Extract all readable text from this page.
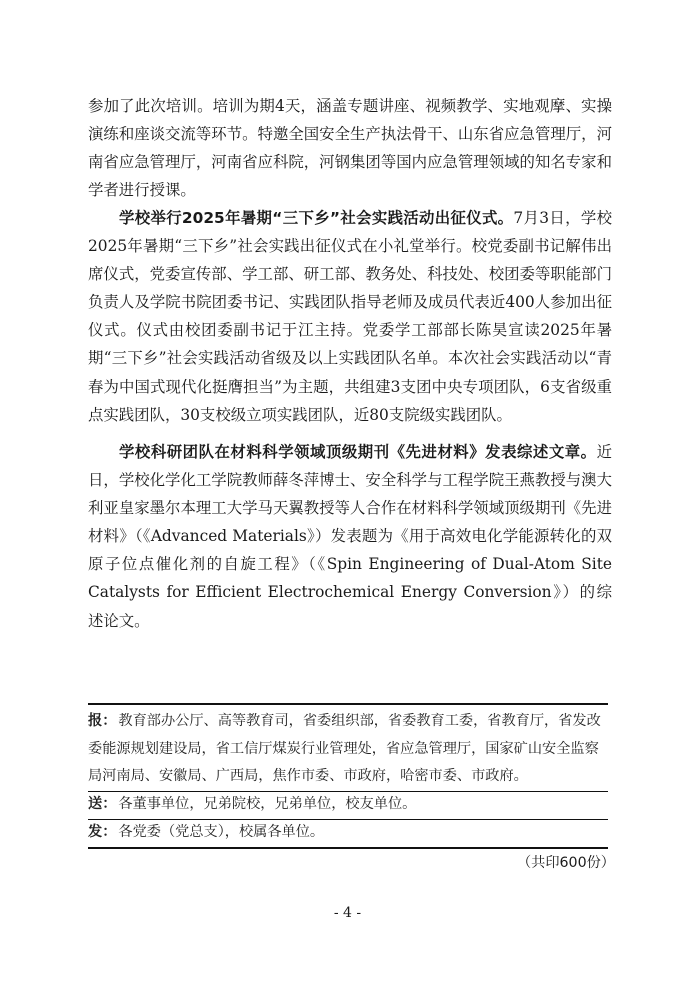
参加了此次培训。培训为期4天，涵盖专题讲座、视频教学、实地观摩、实操演练和座谈交流等环节。特邀全国安全生产执法骨干、山东省应急管理厅，河南省应急管理厅，河南省应科院，河钢集团等国内应急管理领域的知名专家和学者进行授课。

学校举行2025年暑期“三下乡”社会实践活动出征仪式。7月3日，学校2025年暑期“三下乡”社会实践出征仪式在小礼堂举行。校党委副书记解伟出席仪式，党委宣传部、学工部、研工部、教务处、科技处、校团委等职能部门负责人及学院书院团委书记、实践团队指导老师及成员代表近400人参加出征仪式。仪式由校团委副书记于江主持。党委学工部部长陈昊宣读2025年暑期“三下乡”社会实践活动省级及以上实践团队名单。本次社会实践活动以“青春为中国式现代化挺膺担当”为主题，共组建3支团中央专项团队，6支省级重点实践团队，30支校级立项实践团队，近80支院级实践团队。

学校科研团队在材料科学领域顶级期刊《先进材料》发表综述文章。近日，学校化学化工学院教师薛冬萍博士、安全科学与工程学院王燕教授与澳大利亚皇家墨尔本理工大学马天翼教授等人合作在材料科学领域顶级期刊《先进材料》（《Advanced Materials》）发表题为《用于高效电化学能源转化的双原子位点催化剂的自旋工程》（《Spin Engineering of Dual-Atom Site Catalysts for Efficient Electrochemical Energy Conversion》）的综述论文。

报： 教育部办公厅、高等教育司，省委组织部，省委教育工委，省教育厅，省发改委能源规划建设局，省工信厅煤炭行业管理处，省应急管理厅，国家矿山安全监察局河南局、安徽局、广西局，焦作市委、市政府，哈密市委、市政府。

送： 各董事单位，兄弟院校，兄弟单位，校友单位。

发： 各党委（党总支），校属各单位。

（共印600份）
- 4 -
